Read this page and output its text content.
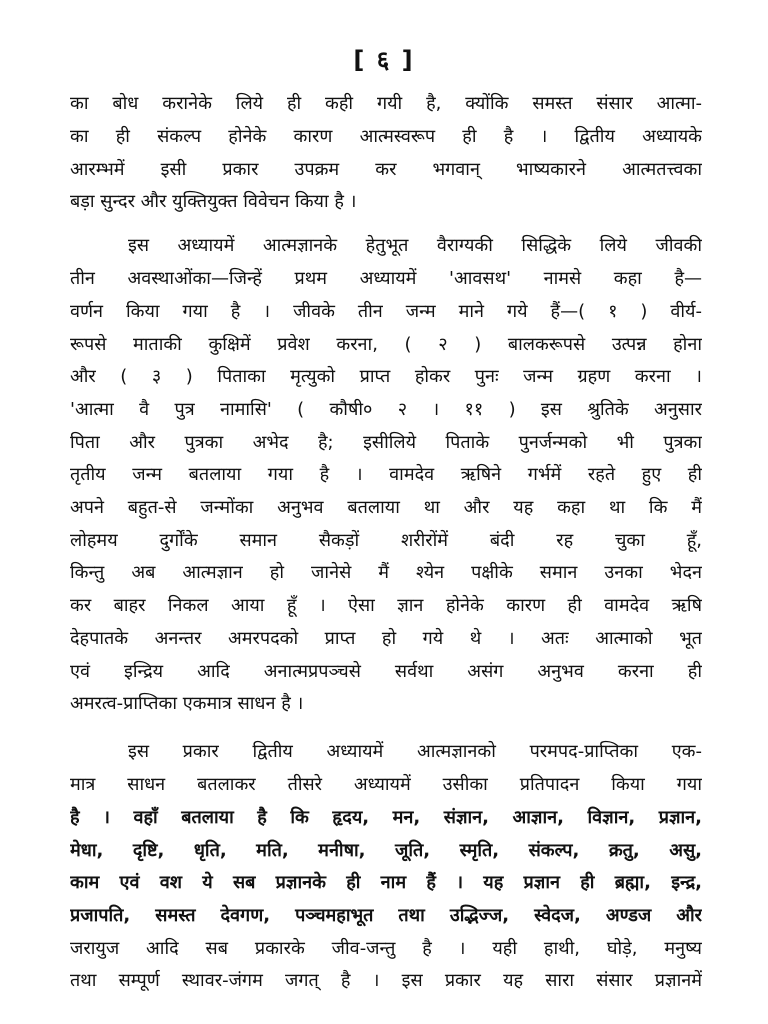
[ ६ ]
का बोध करानेके लिये ही कही गयी है, क्योंकि समस्त संसार आत्मा-
का ही संकल्प होनेके कारण आत्मस्वरूप ही है । द्वितीय अध्यायके
आरम्भमें इसी प्रकार उपक्रम कर भगवान् भाष्यकारने आत्मतत्त्वका
बड़ा सुन्दर और युक्तियुक्त विवेचन किया है ।
इस अध्यायमें आत्मज्ञानके हेतुभूत वैराग्यकी सिद्धिके लिये जीवकी
तीन अवस्थाओंका—जिन्हें प्रथम अध्यायमें 'आवसथ' नामसे कहा है—
वर्णन किया गया है । जीवके तीन जन्म माने गये हैं—( १ ) वीर्य-
रूपसे माताकी कुक्षिमें प्रवेश करना, ( २ ) बालकरूपसे उत्पन्न होना
और ( ३ ) पिताका मृत्युको प्राप्त होकर पुनः जन्म ग्रहण करना ।
'आत्मा वै पुत्र नामासि' ( कौषी० २ । ११ ) इस श्रुतिके अनुसार
पिता और पुत्रका अभेद है; इसीलिये पिताके पुनर्जन्मको भी पुत्रका
तृतीय जन्म बतलाया गया है । वामदेव ऋषिने गर्भमें रहते हुए ही
अपने बहुत-से जन्मोंका अनुभव बतलाया था और यह कहा था कि मैं
लोहमय दुर्गोंके समान सैकड़ों शरीरोंमें बंदी रह चुका हूँ,
किन्तु अब आत्मज्ञान हो जानेसे मैं श्येन पक्षीके समान उनका भेदन
कर बाहर निकल आया हूँ । ऐसा ज्ञान होनेके कारण ही वामदेव ऋषि
देहपातके अनन्तर अमरपदको प्राप्त हो गये थे । अतः आत्माको भूत
एवं इन्द्रिय आदि अनात्मप्रपञ्चसे सर्वथा असंग अनुभव करना ही
अमरत्व-प्राप्तिका एकमात्र साधन है ।
इस प्रकार द्वितीय अध्यायमें आत्मज्ञानको परमपद-प्राप्तिका एक-
मात्र साधन बतलाकर तीसरे अध्यायमें उसीका प्रतिपादन किया गया
है । वहाँ बतलाया है कि हृदय, मन, संज्ञान, आज्ञान, विज्ञान, प्रज्ञान,
मेधा, दृष्टि, धृति, मति, मनीषा, जूति, स्मृति, संकल्प, क्रतु, असु,
काम एवं वश ये सब प्रज्ञानके ही नाम हैं । यह प्रज्ञान ही ब्रह्मा, इन्द्र,
प्रजापति, समस्त देवगण, पञ्चमहाभूत तथा उद्भिज्ज, स्वेदज, अण्डज और
जरायुज आदि सब प्रकारके जीव-जन्तु है । यही हाथी, घोड़े, मनुष्य
तथा सम्पूर्ण स्थावर-जंगम जगत् है । इस प्रकार यह सारा संसार प्रज्ञानमें
